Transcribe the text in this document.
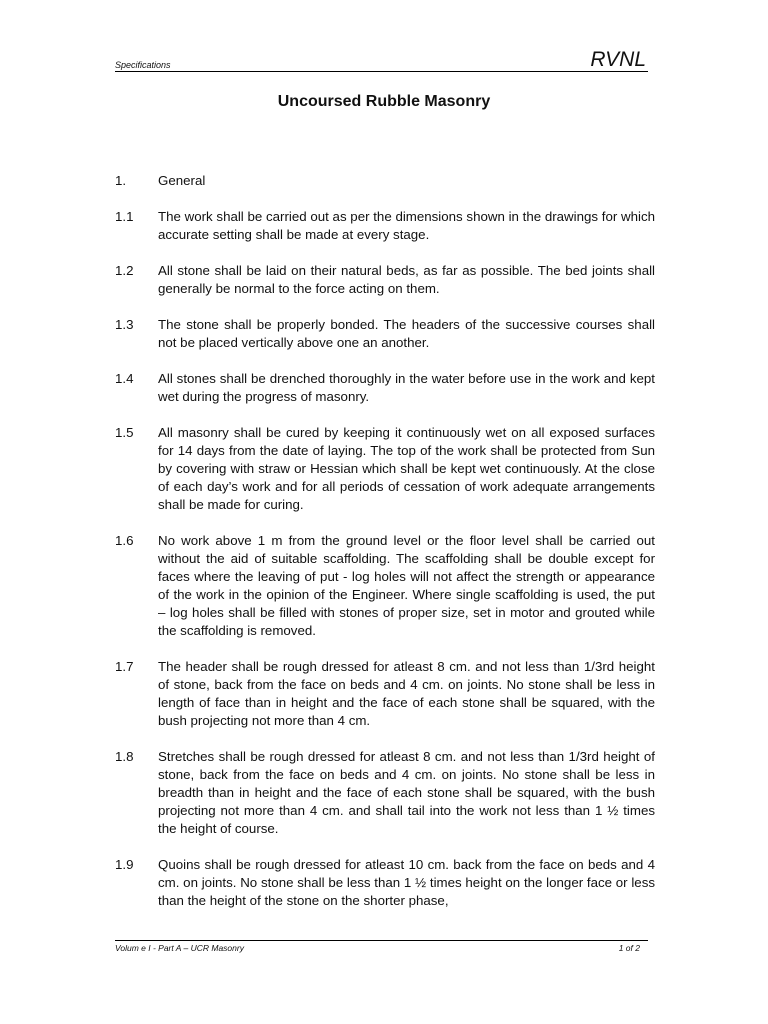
Specifications	RVNL
Uncoursed Rubble Masonry
1.	General
1.1	The work shall be carried out as per the dimensions shown in the drawings for which accurate setting shall be made at every stage.
1.2	All stone shall be laid on their natural beds, as far as possible. The bed joints shall generally be normal to the force acting on them.
1.3	The stone shall be properly bonded. The headers of the successive courses shall not be placed vertically above one an another.
1.4	All stones shall be drenched thoroughly in the water before use in the work and kept wet during the progress of masonry.
1.5	All masonry shall be cured by keeping it continuously wet on all exposed surfaces for 14 days from the date of laying. The top of the work shall be protected from Sun by covering with straw or Hessian which shall be kept wet continuously. At the close of each day’s work and for all periods of cessation of work adequate arrangements shall be made for curing.
1.6	No work above 1 m from the ground level or the floor level shall be carried out without the aid of suitable scaffolding. The scaffolding shall be double except for faces where the leaving of put - log holes will not affect the strength or appearance of the work in the opinion of the Engineer. Where single scaffolding is used, the put – log holes shall be filled with stones of proper size, set in motor and grouted while the scaffolding is removed.
1.7	The header shall be rough dressed for atleast 8 cm. and not less than 1/3rd height of stone, back from the face on beds and 4 cm. on joints. No stone shall be less in length of face than in height and the face of each stone shall be squared, with the bush projecting not more than 4 cm.
1.8	Stretches shall be rough dressed for atleast 8 cm. and not less than 1/3rd height of stone, back from the face on beds and 4 cm. on joints. No stone shall be less in breadth than in height and the face of each stone shall be squared, with the bush projecting not more than 4 cm. and shall tail into the work not less than 1 ½ times the height of course.
1.9	Quoins shall be rough dressed for atleast 10 cm. back from the face on beds and 4 cm. on joints. No stone shall be less than 1 ½ times height on the longer face or less than the height of the stone on the shorter phase,
Volum e I - Part A – UCR Masonry	1 of 2
